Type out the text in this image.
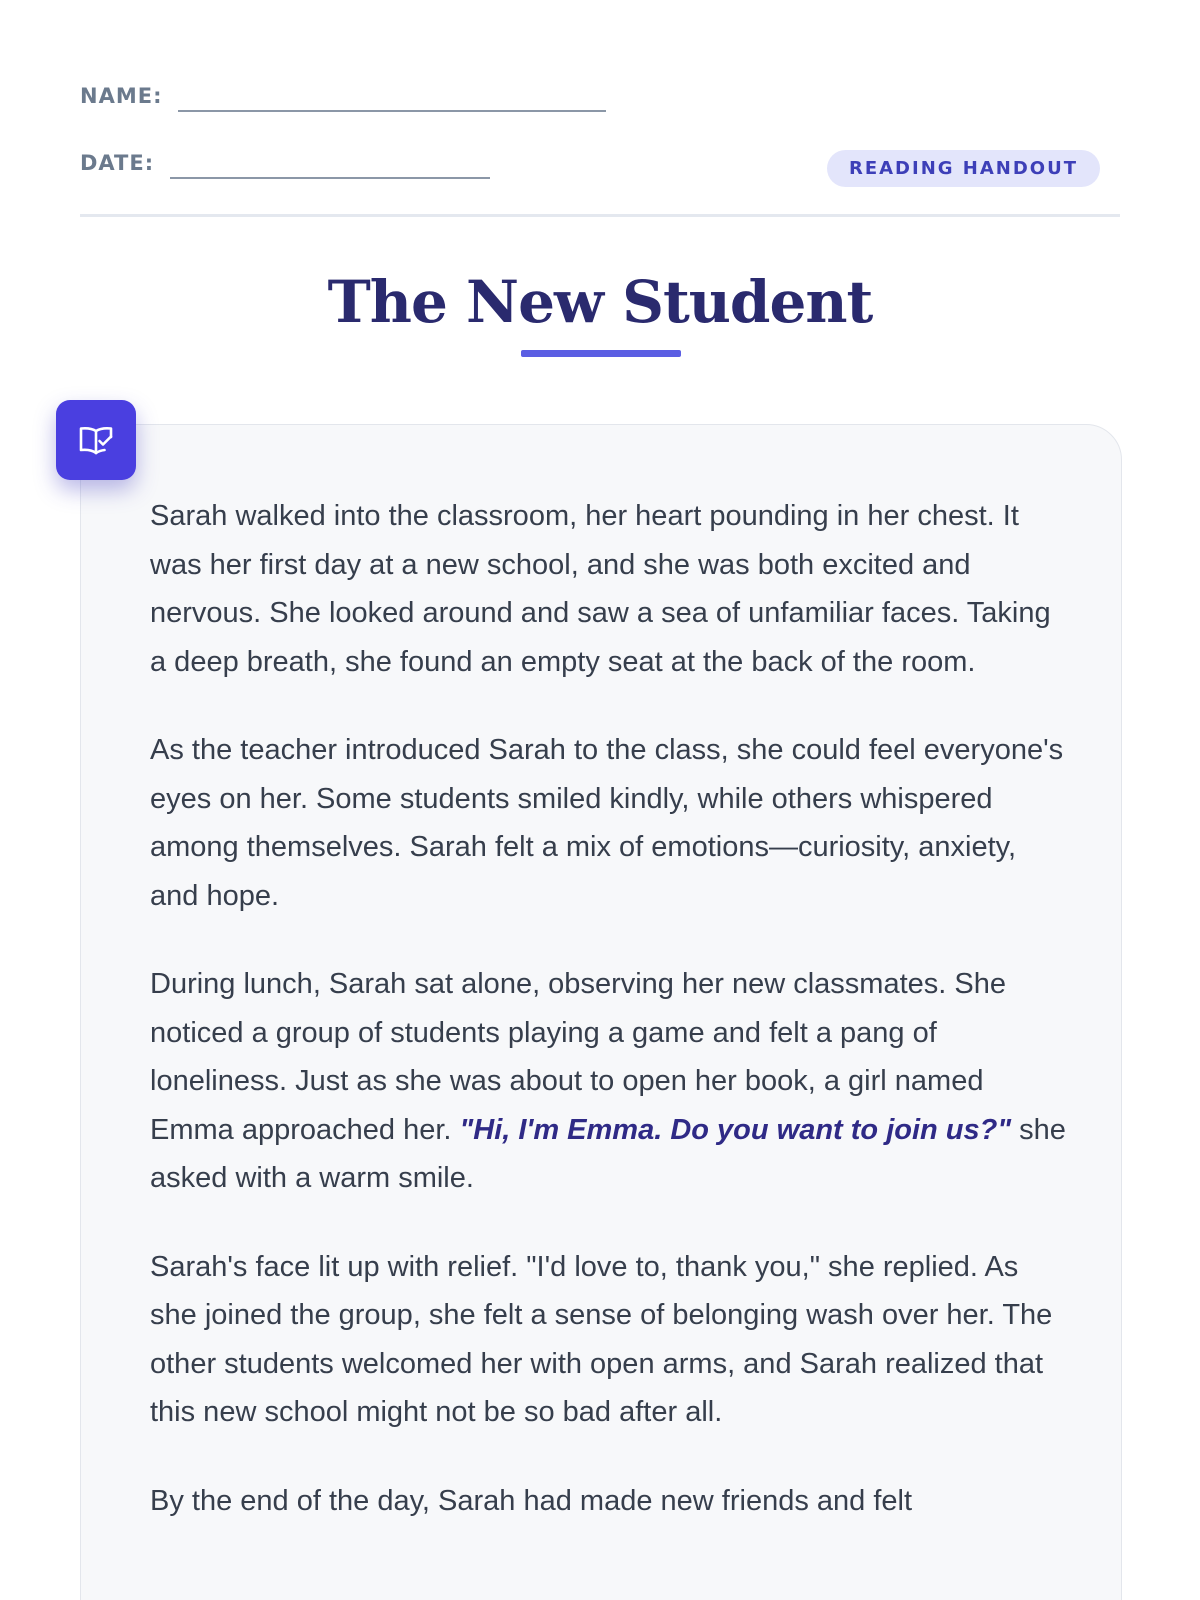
NAME:
DATE:	READING HANDOUT
The New Student

Sarah walked into the classroom, her heart pounding in her chest. It was her first day at a new school, and she was both excited and nervous. She looked around and saw a sea of unfamiliar faces. Taking a deep breath, she found an empty seat at the back of the room.

As the teacher introduced Sarah to the class, she could feel everyone's eyes on her. Some students smiled kindly, while others whispered among themselves. Sarah felt a mix of emotions—curiosity, anxiety, and hope.

During lunch, Sarah sat alone, observing her new classmates. She noticed a group of students playing a game and felt a pang of loneliness. Just as she was about to open her book, a girl named Emma approached her. "Hi, I'm Emma. Do you want to join us?" she asked with a warm smile.

Sarah's face lit up with relief. "I'd love to, thank you," she replied. As she joined the group, she felt a sense of belonging wash over her. The other students welcomed her with open arms, and Sarah realized that this new school might not be so bad after all.

By the end of the day, Sarah had made new friends and felt
